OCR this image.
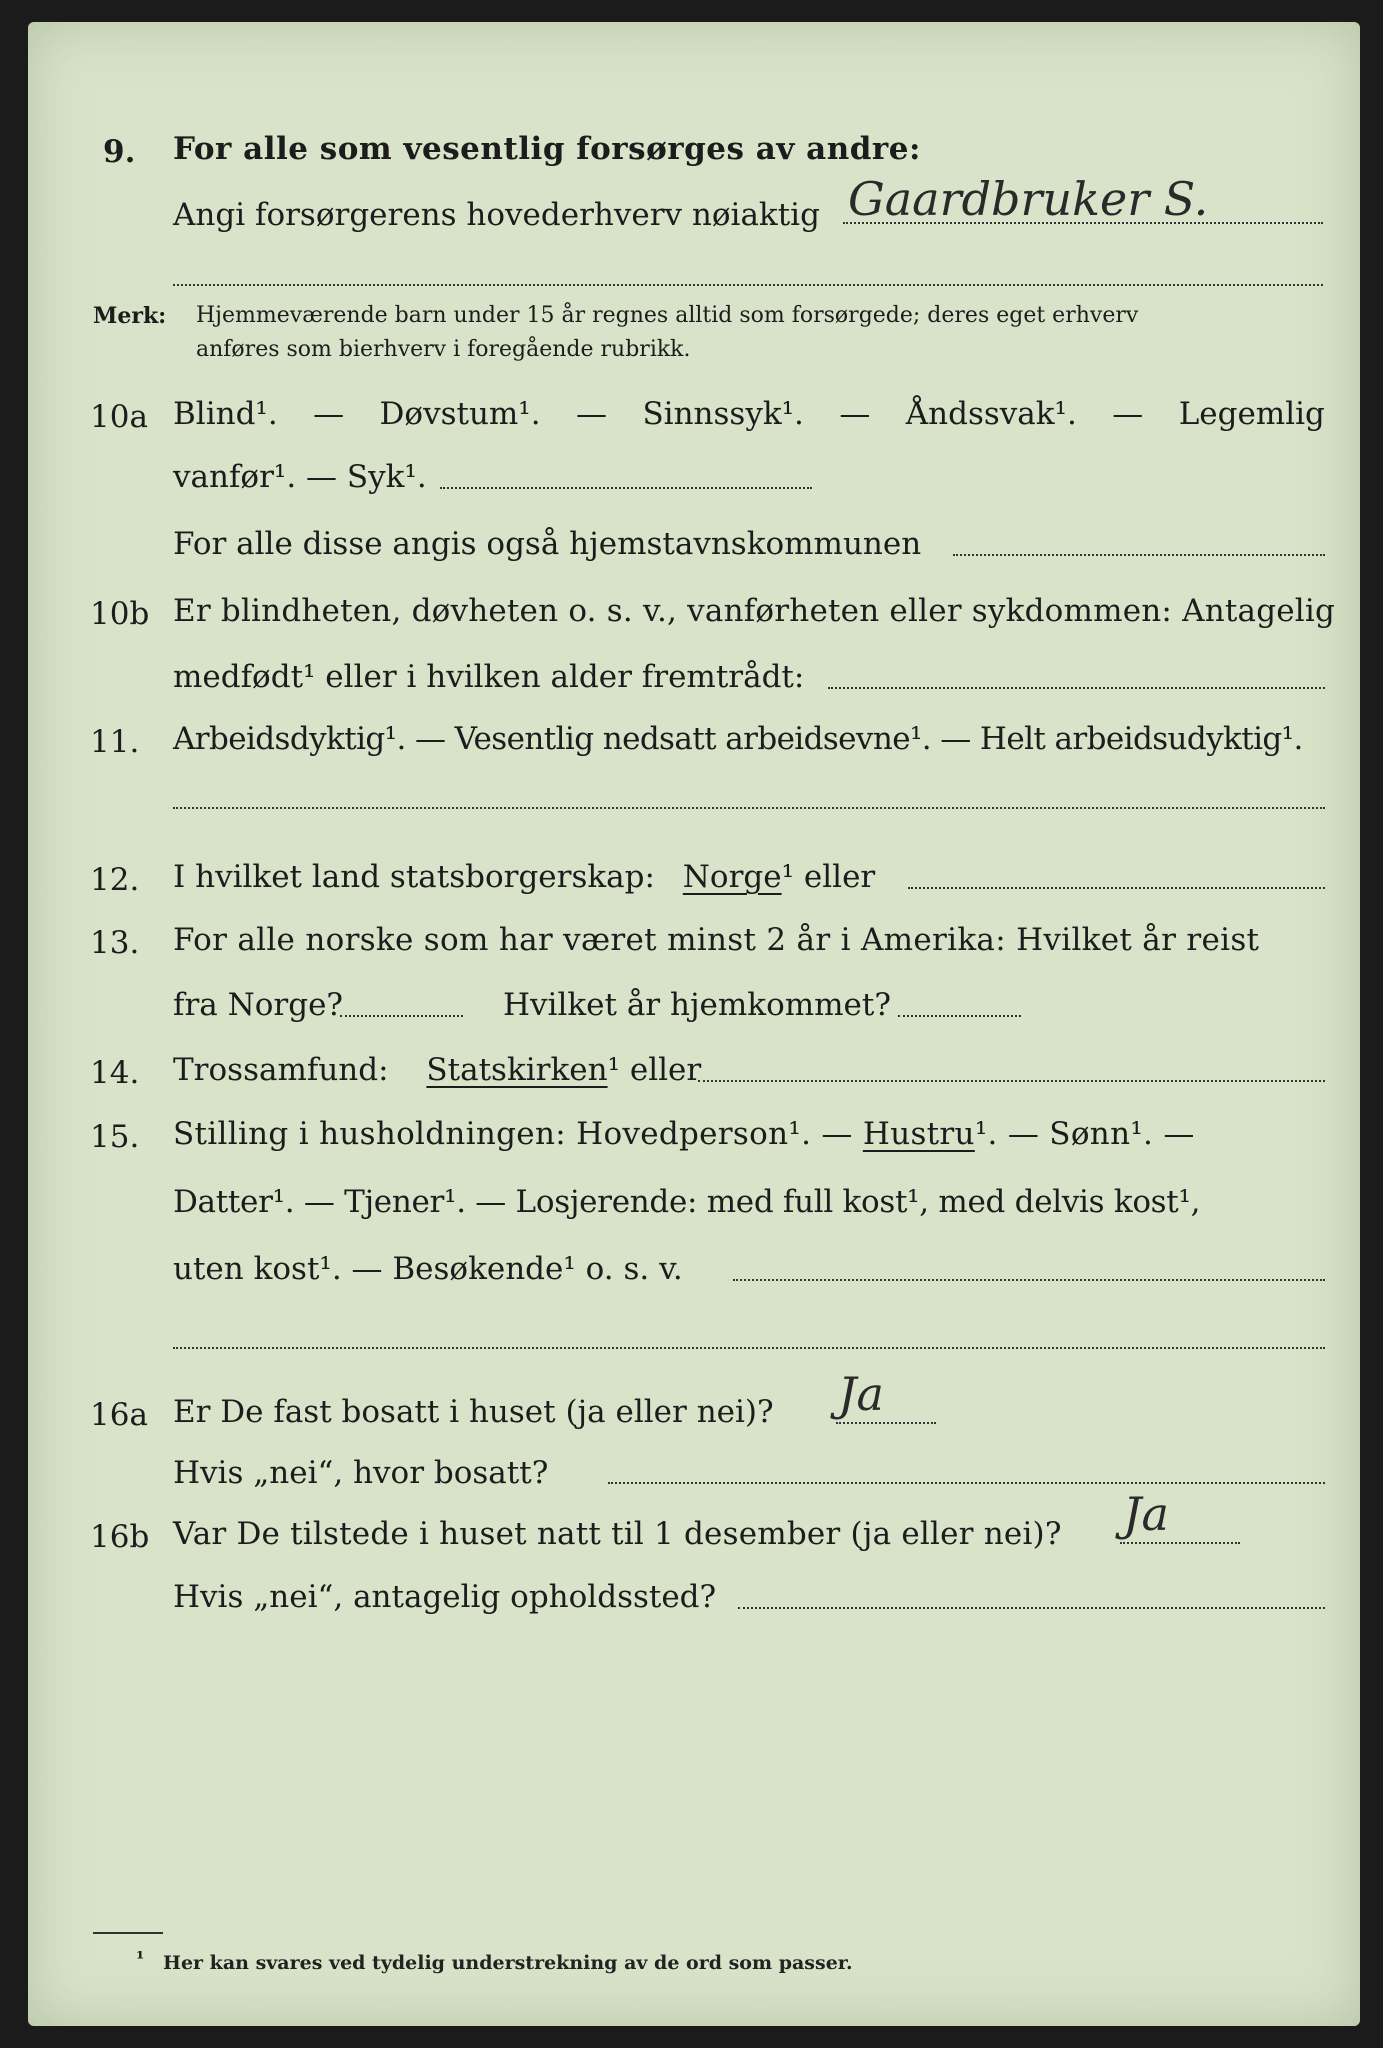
9. For alle som vesentlig forsørges av andre:
Angi forsørgerens hovederhverv nøiaktig Gaardbruker S.
Merk: Hjemmeværende barn under 15 år regnes alltid som forsørgede; deres eget erhverv
anføres som bierhverv i foregående rubrikk.
10a Blind¹. — Døvstum¹. — Sinnssyk¹. — Åndssvak¹. — Legemlig
vanfør¹. — Syk¹.
For alle disse angis også hjemstavnskommunen
10b Er blindheten, døvheten o. s. v., vanførheten eller sykdommen: Antagelig
medfødt¹ eller i hvilken alder fremtrådt:
11. Arbeidsdyktig¹. — Vesentlig nedsatt arbeidsevne¹. — Helt arbeidsudyktig¹.
12. I hvilket land statsborgerskap: Norge¹ eller
13. For alle norske som har været minst 2 år i Amerika: Hvilket år reist
fra Norge?	Hvilket år hjemkommet?
14. Trossamfund: Statskirken¹ eller
15. Stilling i husholdningen: Hovedperson¹. — Hustru¹. — Sønn¹. —
Datter¹. — Tjener¹. — Losjerende: med full kost¹, med delvis kost¹,
uten kost¹. — Besøkende¹ o. s. v.
16a Er De fast bosatt i huset (ja eller nei)? Ja
Hvis „nei“, hvor bosatt?
16b Var De tilstede i huset natt til 1 desember (ja eller nei)? Ja
Hvis „nei“, antagelig opholdssted?
¹ Her kan svares ved tydelig understrekning av de ord som passer.
